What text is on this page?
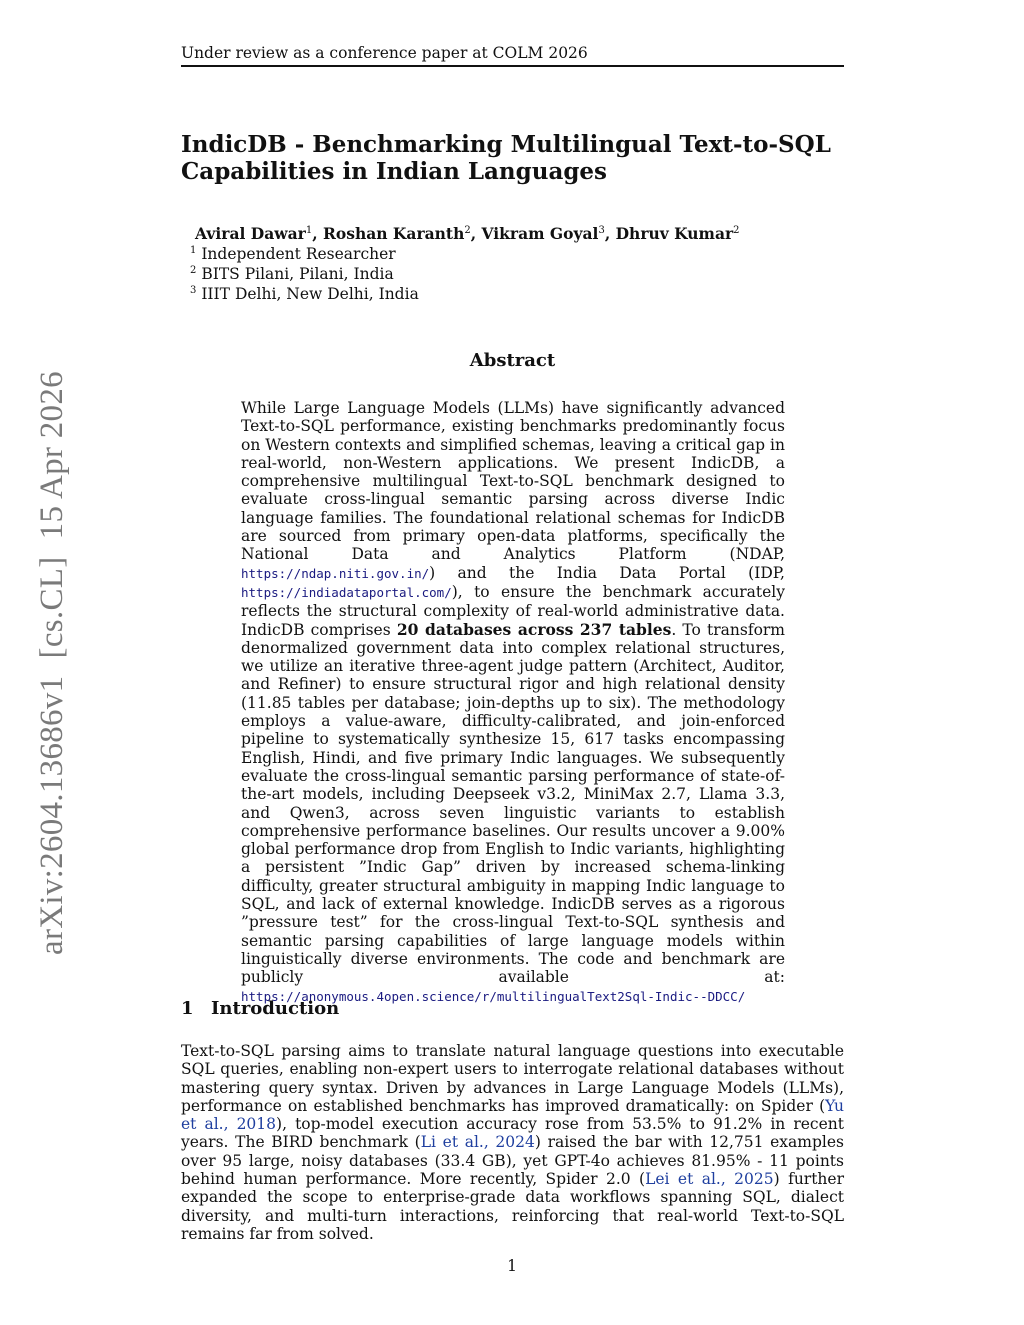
Under review as a conference paper at COLM 2026
IndicDB - Benchmarking Multilingual Text-to-SQL Capabilities in Indian Languages
Aviral Dawar$^1$, Roshan Karanth$^2$, Vikram Goyal$^3$, Dhruv Kumar$^2$
$^1$ Independent Researcher
$^2$ BITS Pilani, Pilani, India
$^3$ IIIT Delhi, New Delhi, India
Abstract
While Large Language Models (LLMs) have significantly advanced Text-to-SQL performance, existing benchmarks predominantly focus on Western contexts and simplified schemas, leaving a critical gap in real-world, non-Western applications. We present IndicDB, a comprehensive multilingual Text-to-SQL benchmark designed to evaluate cross-lingual semantic parsing across diverse Indic language families. The foundational relational schemas for IndicDB are sourced from primary open-data platforms, specifically the National Data and Analytics Platform (NDAP, https://ndap.niti.gov.in/) and the India Data Portal (IDP, https://indiadataportal.com/), to ensure the benchmark accurately reflects the structural complexity of real-world administrative data. IndicDB comprises 20 databases across 237 tables. To transform denormalized government data into complex relational structures, we utilize an iterative three-agent judge pattern (Architect, Auditor, and Refiner) to ensure structural rigor and high relational density (11.85 tables per database; join-depths up to six). The methodology employs a value-aware, difficulty-calibrated, and join-enforced pipeline to systematically synthesize 15, 617 tasks encompassing English, Hindi, and five primary Indic languages. We subsequently evaluate the cross-lingual semantic parsing performance of state-of-the-art models, including Deepseek v3.2, MiniMax 2.7, Llama 3.3, and Qwen3, across seven linguistic variants to establish comprehensive performance baselines. Our results uncover a 9.00% global performance drop from English to Indic variants, highlighting a persistent ”Indic Gap” driven by increased schema-linking difficulty, greater structural ambiguity in mapping Indic language to SQL, and lack of external knowledge. IndicDB serves as a rigorous ”pressure test” for the cross-lingual Text-to-SQL synthesis and semantic parsing capabilities of large language models within linguistically diverse environments. The code and benchmark are publicly available at: https://anonymous.4open.science/r/multilingualText2Sql-Indic--DDCC/
arXiv:2604.13686v1  [cs.CL]  15 Apr 2026
1 Introduction
Text-to-SQL parsing aims to translate natural language questions into executable SQL queries, enabling non-expert users to interrogate relational databases without mastering query syntax. Driven by advances in Large Language Models (LLMs), performance on established benchmarks has improved dramatically: on Spider (Yu et al., 2018), top-model execution accuracy rose from 53.5% to 91.2% in recent years. The BIRD benchmark (Li et al., 2024) raised the bar with 12,751 examples over 95 large, noisy databases (33.4 GB), yet GPT-4o achieves 81.95% - 11 points behind human performance. More recently, Spider 2.0 (Lei et al., 2025) further expanded the scope to enterprise-grade data workflows spanning SQL, dialect diversity, and multi-turn interactions, reinforcing that real-world Text-to-SQL remains far from solved.
1
